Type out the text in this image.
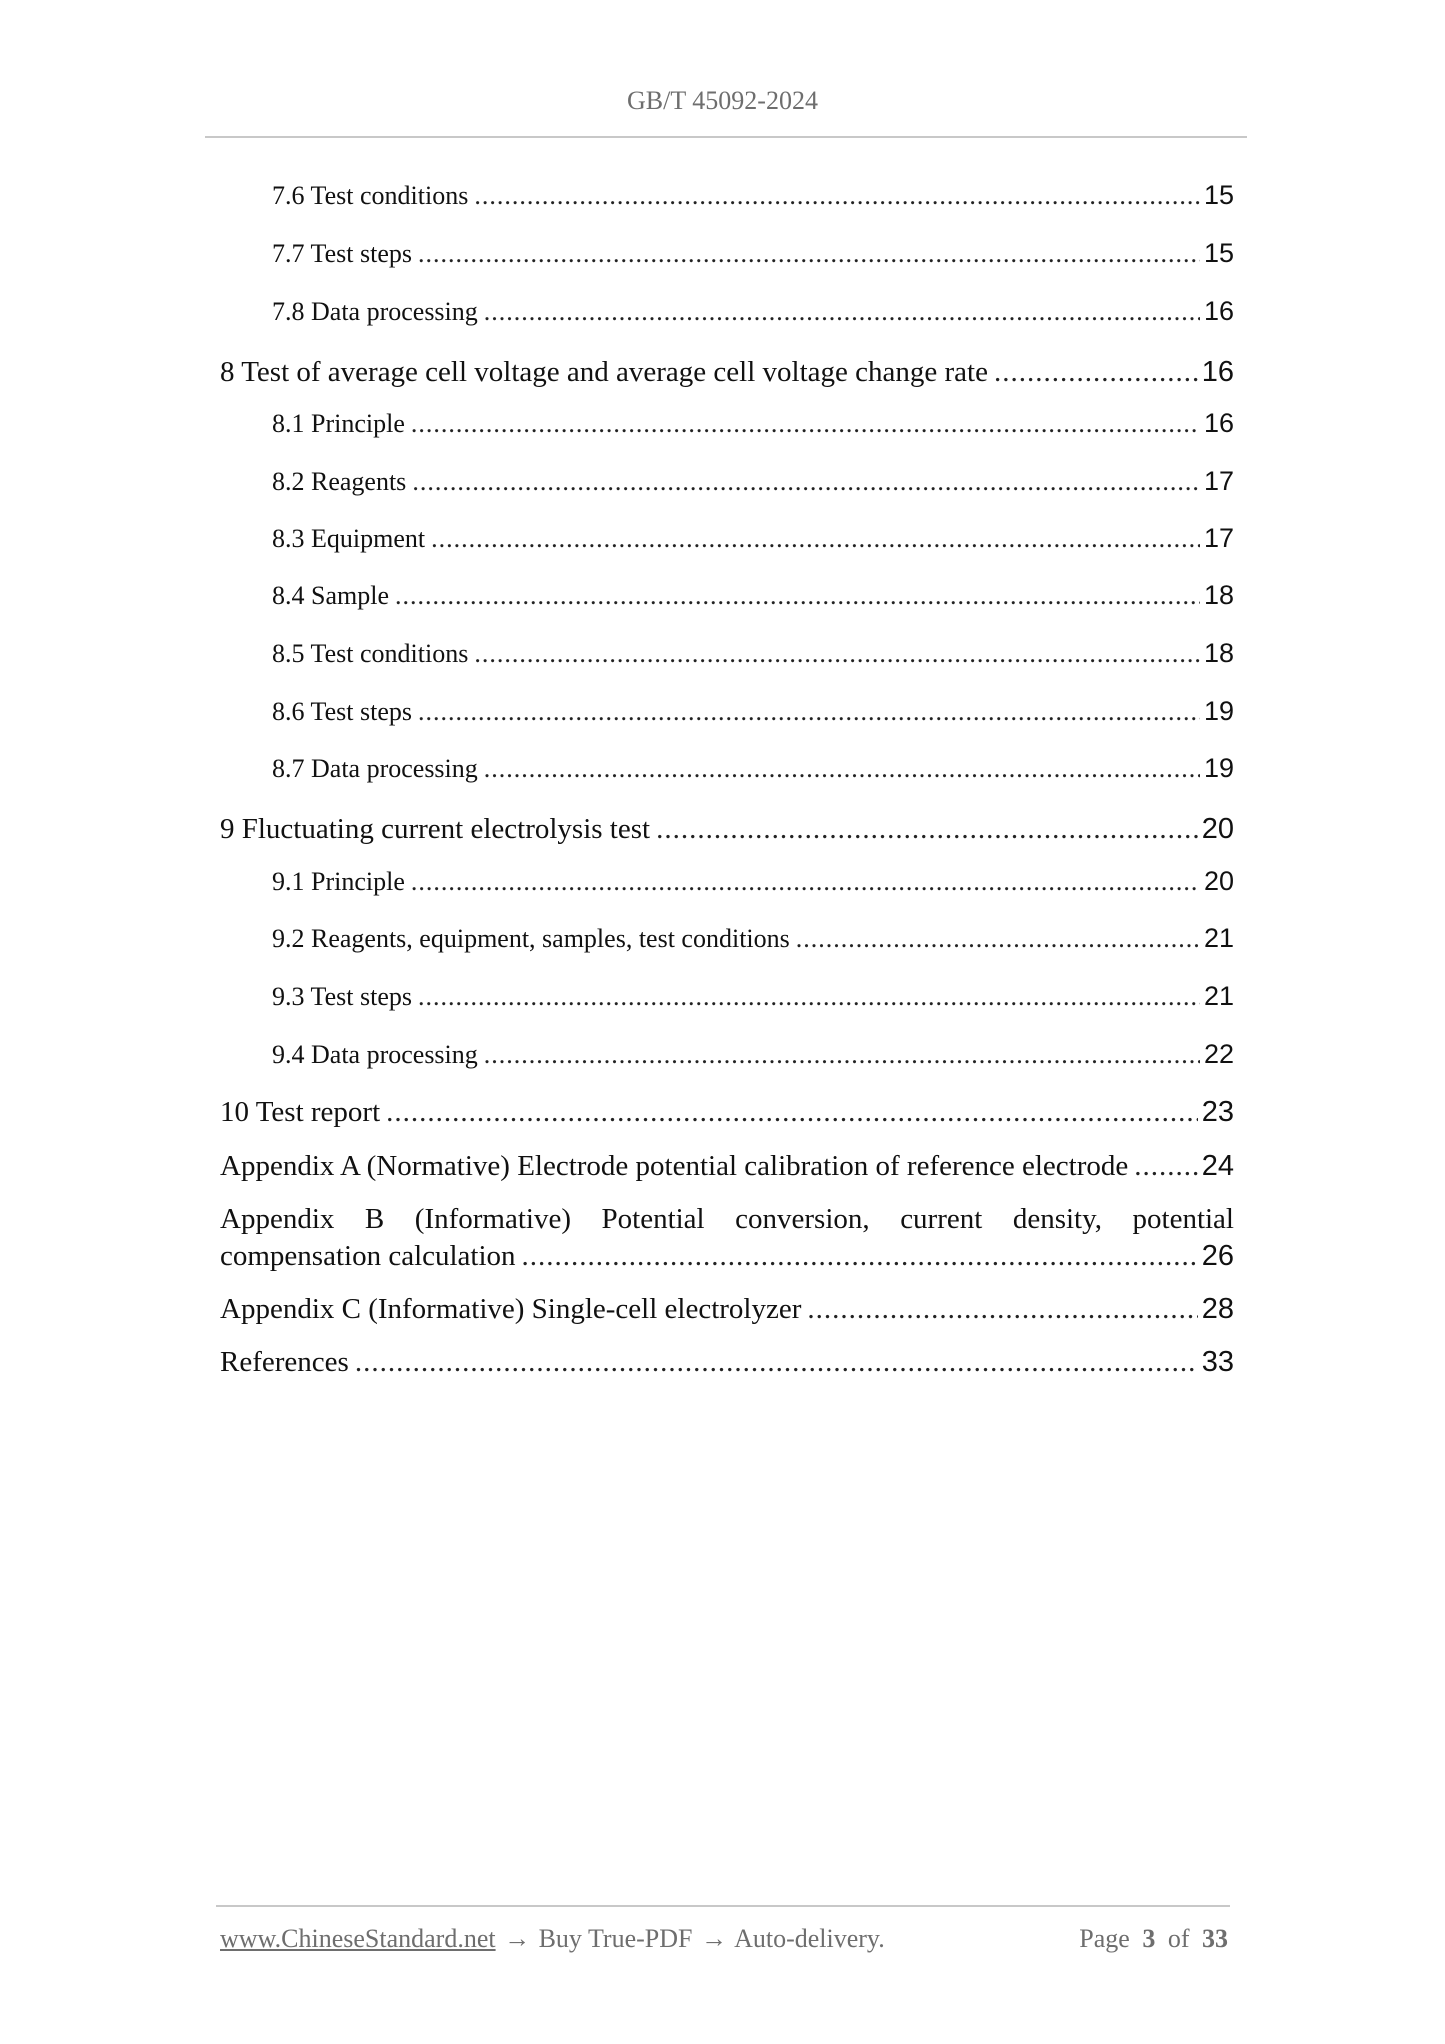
GB/T 45092-2024
7.6 Test conditions .....	15
7.7 Test steps .....	15
7.8 Data processing .....	16
8 Test of average cell voltage and average cell voltage change rate .....	16
8.1 Principle .....	16
8.2 Reagents .....	17
8.3 Equipment .....	17
8.4 Sample .....	18
8.5 Test conditions .....	18
8.6 Test steps .....	19
8.7 Data processing .....	19
9 Fluctuating current electrolysis test .....	20
9.1 Principle .....	20
9.2 Reagents, equipment, samples, test conditions .....	21
9.3 Test steps .....	21
9.4 Data processing .....	22
10 Test report .....	23
Appendix A (Normative) Electrode potential calibration of reference electrode .....	24
Appendix B (Informative) Potential conversion, current density, potential
compensation calculation .....	26
Appendix C (Informative) Single-cell electrolyzer .....	28
References .....	33
www.ChineseStandard.net → Buy True-PDF → Auto-delivery.	Page 3 of 33
